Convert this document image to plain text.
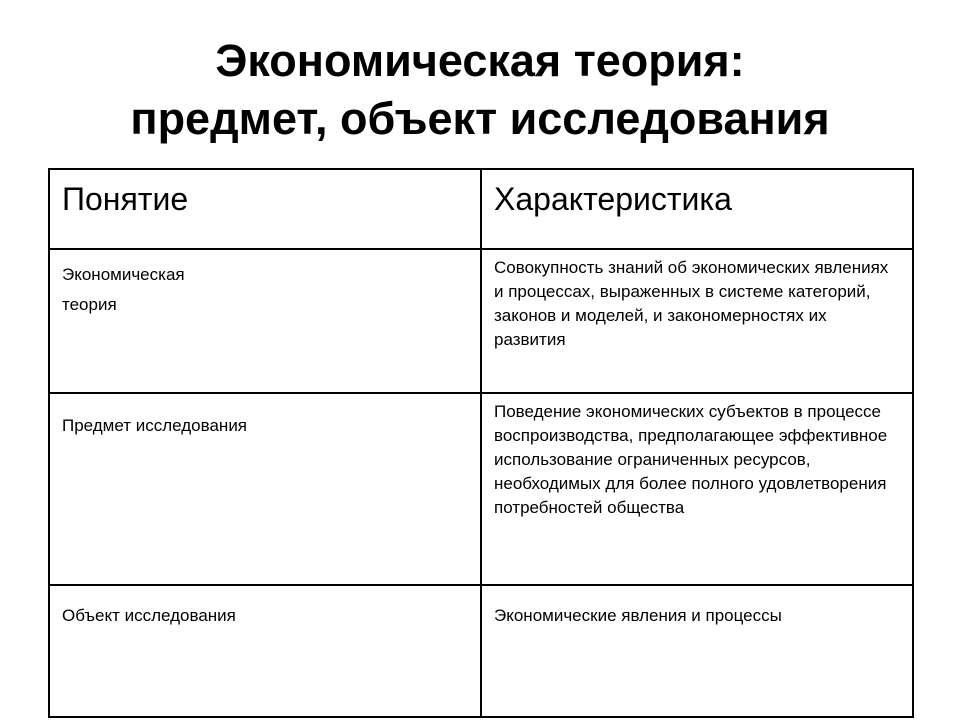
Экономическая теория:
предмет, объект исследования
Понятие	Характеристика

Экономическая
теория	Совокупность знаний об экономических явлениях и процессах, выраженных в системе категорий, законов и моделей, и закономерностях их развития

Предмет исследования	Поведение экономических субъектов в процессе воспроизводства, предполагающее эффективное использование ограниченных ресурсов, необходимых для более полного удовлетворения потребностей общества

Объект исследования	Экономические явления и процессы
